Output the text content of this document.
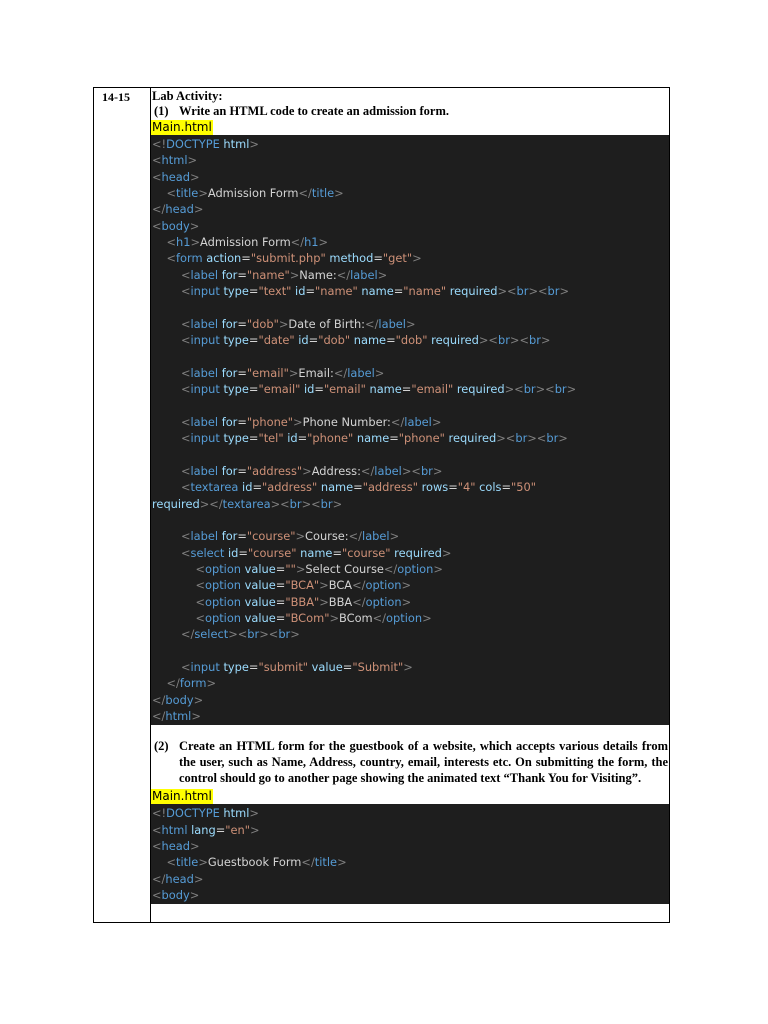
14-15 Lab Activity:
(1) Write an HTML code to create an admission form.
Main.html
<!DOCTYPE html>
<html>
<head>
<title>Admission Form</title>
</head>
<body>
<h1>Admission Form</h1>
<form action="submit.php" method="get">
<label for="name">Name:</label>
<input type="text" id="name" name="name" required><br><br>

<label for="dob">Date of Birth:</label>
<input type="date" id="dob" name="dob" required><br><br>

<label for="email">Email:</label>
<input type="email" id="email" name="email" required><br><br>

<label for="phone">Phone Number:</label>
<input type="tel" id="phone" name="phone" required><br><br>

<label for="address">Address:</label><br>
<textarea id="address" name="address" rows="4" cols="50"
required></textarea><br><br>

<label for="course">Course:</label>
<select id="course" name="course" required>
<option value="">Select Course</option>
<option value="BCA">BCA</option>
<option value="BBA">BBA</option>
<option value="BCom">BCom</option>
</select><br><br>

<input type="submit" value="Submit">
</form>
</body>
</html>
(2) Create an HTML form for the guestbook of a website, which accepts various details from the user, such as Name, Address, country, email, interests etc. On submitting the form, the control should go to another page showing the animated text “Thank You for Visiting”.
Main.html
<!DOCTYPE html>
<html lang="en">
<head>
<title>Guestbook Form</title>
</head>
<body>
